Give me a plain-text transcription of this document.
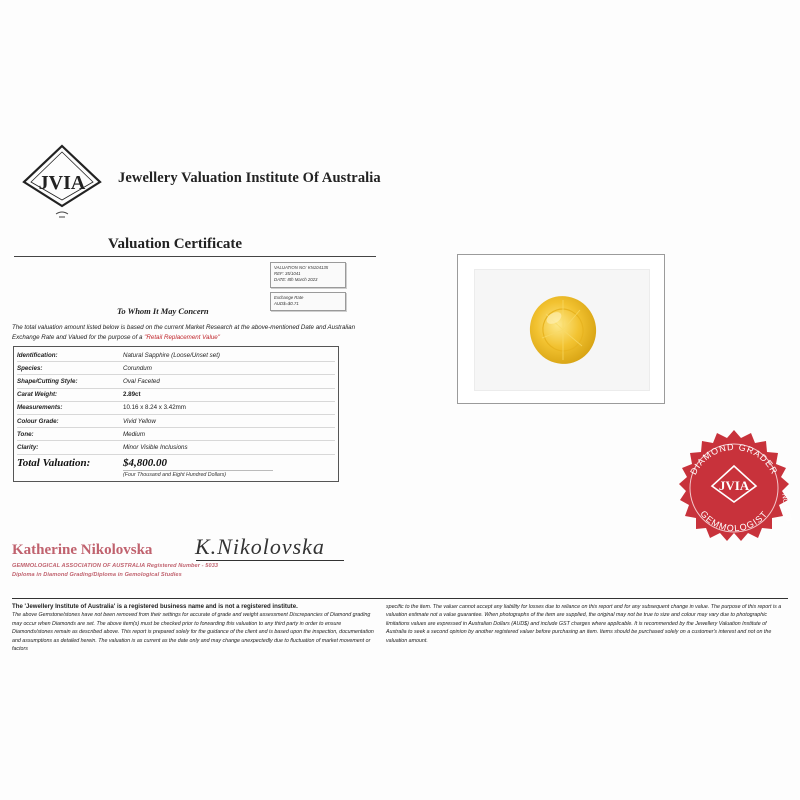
JVIA Jewellery Valuation Institute Of Australia
Valuation Certificate
VALUATION NO: KN104135
REF: 35/1041
DATE: 8th March 2023
Exchange Rate
AUD$=$0.71
To Whom It May Concern
The total valuation amount listed below is based on the current Market Research at the above-mentioned Date and Australian Exchange Rate and Valued for the purpose of a "Retail Replacement Value"
Identification:	Natural Sapphire (Loose/Unset set)
Species:	Corundum
Shape/Cutting Style:	Oval Faceted
Carat Weight:	2.89ct
Measurements:	10.16 x 8.24 x 3.42mm
Colour Grade:	Vivid Yellow
Tone:	Medium
Clarity:	Minor Visible Inclusions
Total Valuation:	$4,800.00
(Four Thousand and Eight Hundred Dollars)	DIAMOND GRADER
GEMMOLOGIST NO 5033
JVIA
Katherine Nikolovska K.Nikolovska
GEMMOLOGICAL ASSOCIATION OF AUSTRALIA Registered Number - 5033
Diploma in Diamond Grading/Diploma in Gemological Studies
The 'Jewellery Institute of Australia' is a registered business name and is not a registered institute.
The above Gemstone/stones have not been removed from their settings for accurate of grade and weight assessment Discrepancies of Diamond grading may occur when Diamonds are set. The above item(s) must be checked prior to forwarding this valuation to any third party in order to ensure Diamonds/stones remain as described above. This report is prepared solely for the guidance of the client and is based upon the inspection, documentation and assumptions as detailed herein. The valuation is as current as the date only and may change unexpectedly due to fluctuation of market movement or factors
specific to the item. The valuer cannot accept any liability for losses due to reliance on this report and for any subsequent change in value. The purpose of this report is a valuation estimate not a value guarantee. When photographs of the item are supplied, the original may not be true to size and colour may vary due to photographic limitations values are expressed in Australian Dollars (AUD$) and include GST charges where applicable. It is recommended by the Jewellery Valuation Institute of Australia to seek a second opinion by another registered valuer before purchasing an item. Items should be purchased solely on a customer's interest and not on the valuation amount.
